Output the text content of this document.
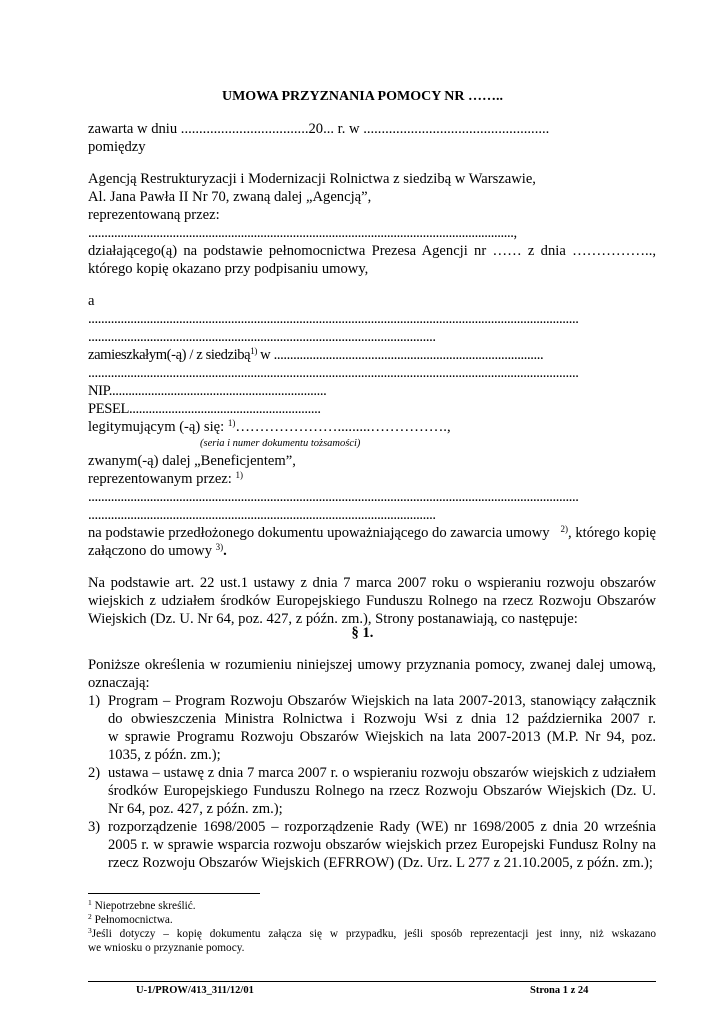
UMOWA PRZYZNANIA POMOCY NR ……..
zawarta w dniu ...................................20... r. w ...................................................
pomiędzy
Agencją Restrukturyzacji i Modernizacji Rolnictwa z siedzibą w Warszawie,
Al. Jana Pawła II Nr 70, zwaną dalej „Agencją”,
reprezentowaną przez:
...................................................................................................................................,
działającego(ą) na podstawie pełnomocnictwa Prezesa Agencji nr …… z dnia ……………..,
którego kopię okazano przy podpisaniu umowy,
a
.......................................................................................................................................................
...........................................................................................................
zamieszkałym(-ą) / z siedzibą$^{1)}$ w ...................................................................................
.......................................................................................................................................................
NIP...................................................................
PESEL...........................................................
legitymującym (-ą) się: $^{1)}$………………….........…………….,
(seria i numer dokumentu tożsamości)
zwanym(-ą) dalej „Beneficjentem”,
reprezentowanym przez: $^{1)}$
.......................................................................................................................................................
...........................................................................................................
na podstawie przedłożonego dokumentu upoważniającego do zawarcia umowy $^{2)}$, którego kopię
załączono do umowy $^{3)}$.
Na podstawie art. 22 ust.1 ustawy z dnia 7 marca 2007 roku o wspieraniu rozwoju obszarów
wiejskich z udziałem środków Europejskiego Funduszu Rolnego na rzecz Rozwoju Obszarów
Wiejskich (Dz. U. Nr 64, poz. 427, z późn. zm.), Strony postanawiają, co następuje:
§ 1.
Poniższe określenia w rozumieniu niniejszej umowy przyznania pomocy, zwanej dalej umową,
oznaczają:
1) Program – Program Rozwoju Obszarów Wiejskich na lata 2007-2013, stanowiący załącznik
do obwieszczenia Ministra Rolnictwa i Rozwoju Wsi z dnia 12 października 2007 r.
w sprawie Programu Rozwoju Obszarów Wiejskich na lata 2007-2013 (M.P. Nr 94, poz.
1035, z późn. zm.);
2) ustawa – ustawę z dnia 7 marca 2007 r. o wspieraniu rozwoju obszarów wiejskich z udziałem
środków Europejskiego Funduszu Rolnego na rzecz Rozwoju Obszarów Wiejskich (Dz. U.
Nr 64, poz. 427, z późn. zm.);
3) rozporządzenie 1698/2005 – rozporządzenie Rady (WE) nr 1698/2005 z dnia 20 września
2005 r. w sprawie wsparcia rozwoju obszarów wiejskich przez Europejski Fundusz Rolny na
rzecz Rozwoju Obszarów Wiejskich (EFRROW) (Dz. Urz. L 277 z 21.10.2005, z późn. zm.);
$^1$ Niepotrzebne skreślić.
$^2$ Pełnomocnictwa.
$^3$Jeśli dotyczy – kopię dokumentu załącza się w przypadku, jeśli sposób reprezentacji jest inny, niż wskazano
we wniosku o przyznanie pomocy.
U-1/PROW/413_311/12/01	Strona 1 z 24
